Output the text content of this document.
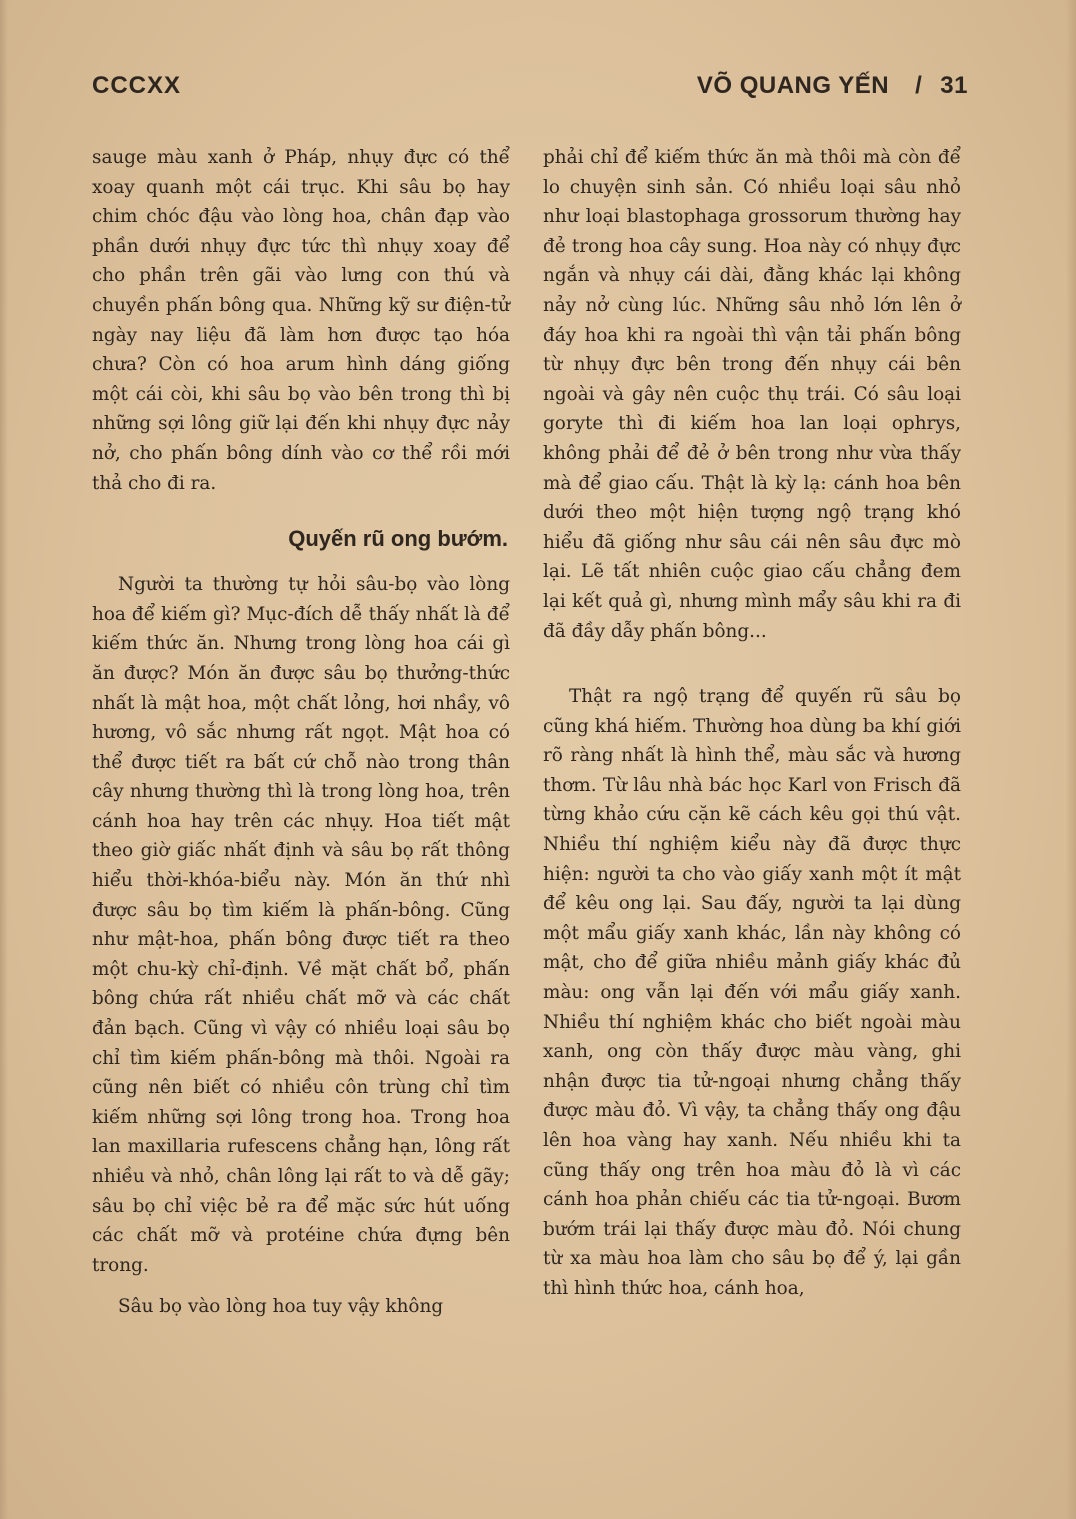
CCCXX	VÕ QUANG YẾN / 31

sauge màu xanh ở Pháp, nhụy đực có thể xoay quanh một cái trục. Khi sâu bọ hay chim chóc đậu vào lòng hoa, chân đạp vào phần dưới nhụy đực tức thì nhụy xoay để cho phần trên gãi vào lưng con thú và chuyền phấn bông qua. Những kỹ sư điện-tử ngày nay liệu đã làm hơn được tạo hóa chưa? Còn có hoa arum hình dáng giống một cái còi, khi sâu bọ vào bên trong thì bị những sợi lông giữ lại đến khi nhụy đực nảy nở, cho phấn bông dính vào cơ thể rồi mới thả cho đi ra.

Quyến rũ ong bướm.

Người ta thường tự hỏi sâu-bọ vào lòng hoa để kiếm gì? Mục-đích dễ thấy nhất là để kiếm thức ăn. Nhưng trong lòng hoa cái gì ăn được? Món ăn được sâu bọ thưởng-thức nhất là mật hoa, một chất lỏng, hơi nhầy, vô hương, vô sắc nhưng rất ngọt. Mật hoa có thể được tiết ra bất cứ chỗ nào trong thân cây nhưng thường thì là trong lòng hoa, trên cánh hoa hay trên các nhụy. Hoa tiết mật theo giờ giấc nhất định và sâu bọ rất thông hiểu thời-khóa-biểu này. Món ăn thứ nhì được sâu bọ tìm kiếm là phấn-bông. Cũng như mật-hoa, phấn bông được tiết ra theo một chu-kỳ chỉ-định. Về mặt chất bổ, phấn bông chứa rất nhiều chất mỡ và các chất đản bạch. Cũng vì vậy có nhiều loại sâu bọ chỉ tìm kiếm phấn-bông mà thôi. Ngoài ra cũng nên biết có nhiều côn trùng chỉ tìm kiếm những sợi lông trong hoa. Trong hoa lan maxillaria rufescens chẳng hạn, lông rất nhiều và nhỏ, chân lông lại rất to và dễ gãy; sâu bọ chỉ việc bẻ ra để mặc sức hút uống các chất mỡ và protéine chứa đựng bên trong.

Sâu bọ vào lòng hoa tuy vậy không

phải chỉ để kiếm thức ăn mà thôi mà còn để lo chuyện sinh sản. Có nhiều loại sâu nhỏ như loại blastophaga grossorum thường hay đẻ trong hoa cây sung. Hoa này có nhụy đực ngắn và nhụy cái dài, đằng khác lại không nảy nở cùng lúc. Những sâu nhỏ lớn lên ở đáy hoa khi ra ngoài thì vận tải phấn bông từ nhụy đực bên trong đến nhụy cái bên ngoài và gây nên cuộc thụ trái. Có sâu loại goryte thì đi kiếm hoa lan loại ophrys, không phải để đẻ ở bên trong như vừa thấy mà để giao cấu. Thật là kỳ lạ: cánh hoa bên dưới theo một hiện tượng ngộ trạng khó hiểu đã giống như sâu cái nên sâu đực mò lại. Lẽ tất nhiên cuộc giao cấu chẳng đem lại kết quả gì, nhưng mình mẩy sâu khi ra đi đã đầy dẫy phấn bông...

Thật ra ngộ trạng để quyến rũ sâu bọ cũng khá hiếm. Thường hoa dùng ba khí giới rõ ràng nhất là hình thể, màu sắc và hương thơm. Từ lâu nhà bác học Karl von Frisch đã từng khảo cứu cặn kẽ cách kêu gọi thú vật. Nhiều thí nghiệm kiểu này đã được thực hiện: người ta cho vào giấy xanh một ít mật để kêu ong lại. Sau đấy, người ta lại dùng một mẩu giấy xanh khác, lần này không có mật, cho để giữa nhiều mảnh giấy khác đủ màu: ong vẫn lại đến với mẩu giấy xanh. Nhiều thí nghiệm khác cho biết ngoài màu xanh, ong còn thấy được màu vàng, ghi nhận được tia tử-ngoại nhưng chẳng thấy được màu đỏ. Vì vậy, ta chẳng thấy ong đậu lên hoa vàng hay xanh. Nếu nhiều khi ta cũng thấy ong trên hoa màu đỏ là vì các cánh hoa phản chiếu các tia tử-ngoại. Bươm bướm trái lại thấy được màu đỏ. Nói chung từ xa màu hoa làm cho sâu bọ để ý, lại gần thì hình thức hoa, cánh hoa,
